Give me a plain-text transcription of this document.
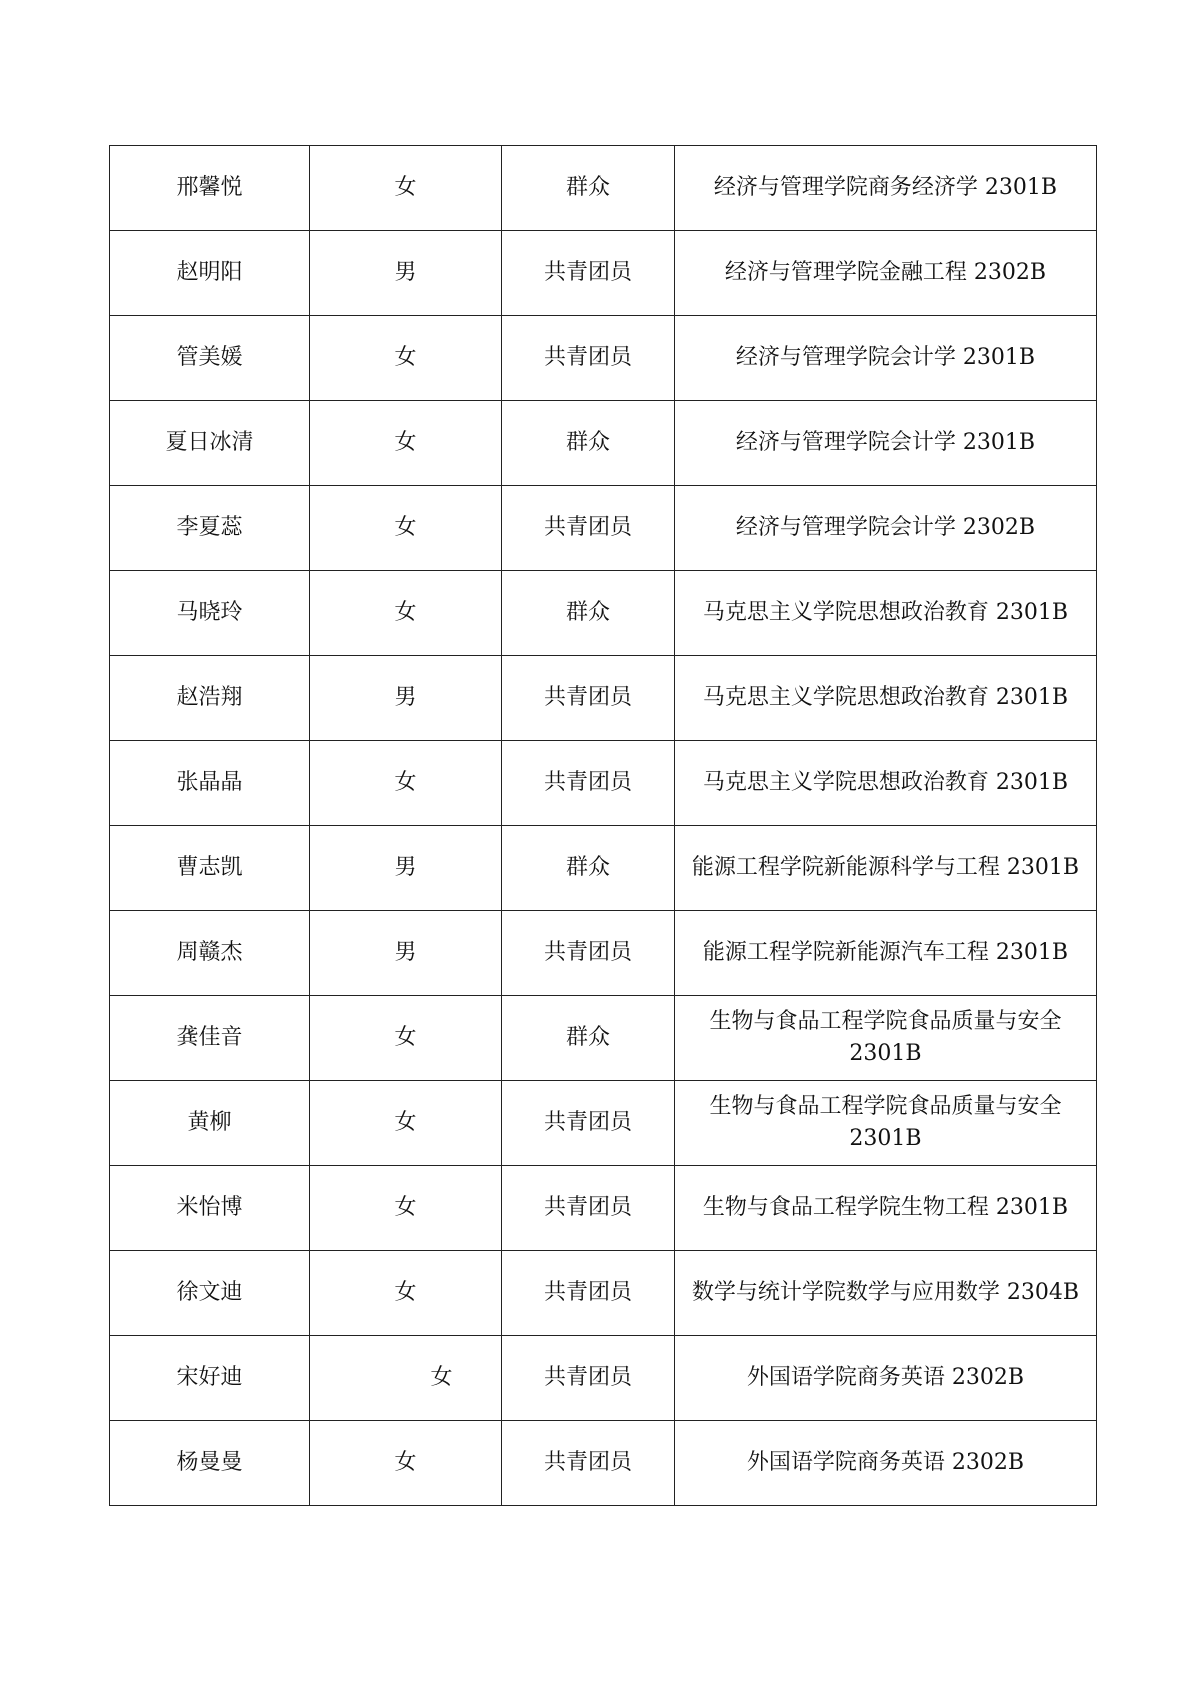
邢馨悦	女	群众	经济与管理学院商务经济学 2301B
赵明阳	男	共青团员	经济与管理学院金融工程 2302B
管美媛	女	共青团员	经济与管理学院会计学 2301B
夏日冰清	女	群众	经济与管理学院会计学 2301B
李夏蕊	女	共青团员	经济与管理学院会计学 2302B
马晓玲	女	群众	马克思主义学院思想政治教育 2301B
赵浩翔	男	共青团员	马克思主义学院思想政治教育 2301B
张晶晶	女	共青团员	马克思主义学院思想政治教育 2301B
曹志凯	男	群众	能源工程学院新能源科学与工程 2301B
周赣杰	男	共青团员	能源工程学院新能源汽车工程 2301B
龚佳音	女	群众	生物与食品工程学院食品质量与安全 2301B
黄柳	女	共青团员	生物与食品工程学院食品质量与安全 2301B
米怡博	女	共青团员	生物与食品工程学院生物工程 2301B
徐文迪	女	共青团员	数学与统计学院数学与应用数学 2304B
宋好迪	女	共青团员	外国语学院商务英语 2302B
杨曼曼	女	共青团员	外国语学院商务英语 2302B
